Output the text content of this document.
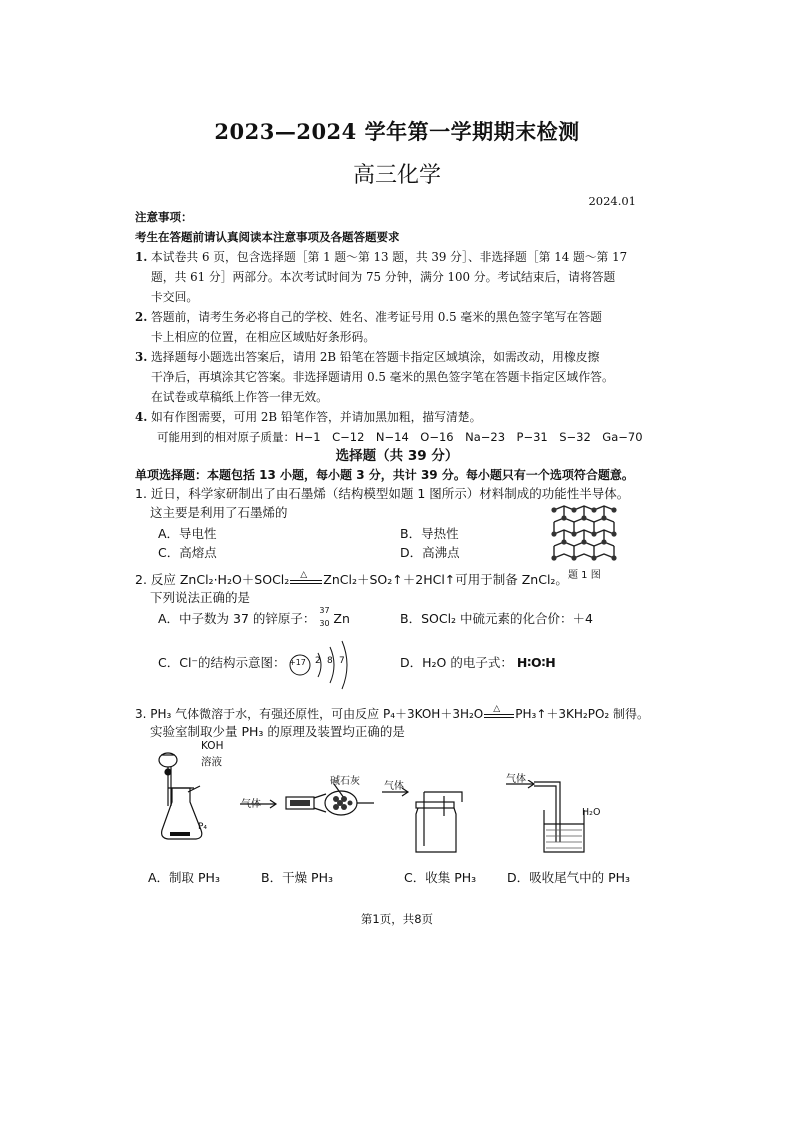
2023—2024 学年第一学期期末检测
高三化学
2024.01
注意事项：
考生在答题前请认真阅读本注意事项及各题答题要求
1. 本试卷共 6 页，包含选择题［第 1 题～第 13 题，共 39 分］、非选择题［第 14 题～第 17
题，共 61 分］两部分。本次考试时间为 75 分钟，满分 100 分。考试结束后，请将答题
卡交回。
2. 答题前，请考生务必将自己的学校、姓名、准考证号用 0.5 毫米的黑色签字笔写在答题
卡上相应的位置，在相应区域贴好条形码。
3. 选择题每小题选出答案后，请用 2B 铅笔在答题卡指定区域填涂，如需改动，用橡皮擦
干净后，再填涂其它答案。非选择题请用 0.5 毫米的黑色签字笔在答题卡指定区域作答。
在试卷或草稿纸上作答一律无效。
4. 如有作图需要，可用 2B 铅笔作答，并请加黑加粗，描写清楚。
可能用到的相对原子质量：H−1　C−12　N−14　O−16　Na−23　P−31　S−32　Ga−70
选择题（共 39 分）
单项选择题：本题包括 13 小题，每小题 3 分，共计 39 分。每小题只有一个选项符合题意。
1. 近日，科学家研制出了由石墨烯（结构模型如题 1 图所示）材料制成的功能性半导体。
这主要是利用了石墨烯的
A．导电性	B．导热性
C．高熔点	D．高沸点
题 1 图
2. 反应 ZnCl₂·H₂O＋SOCl₂ △ ZnCl₂＋SO₂↑＋2HCl↑可用于制备 ZnCl₂。
下列说法正确的是
A．中子数为 37 的锌原子：
37
30 Zn	B．SOCl₂ 中硫元素的化合价：＋4
C．Cl⁻的结构示意图： +17 2 8 7	D．H₂O 的电子式： H∶O∶H
3. PH₃ 气体微溶于水，有强还原性，可由反应 P₄＋3KOH＋3H₂O △ PH₃↑＋3KH₂PO₂ 制得。
实验室制取少量 PH₃ 的原理及装置均正确的是
KOH
溶液
P₄
气体
碱石灰 气体
气体
H₂O
A．制取 PH₃	B．干燥 PH₃	C．收集 PH₃ D．吸收尾气中的 PH₃
第1页，共8页
